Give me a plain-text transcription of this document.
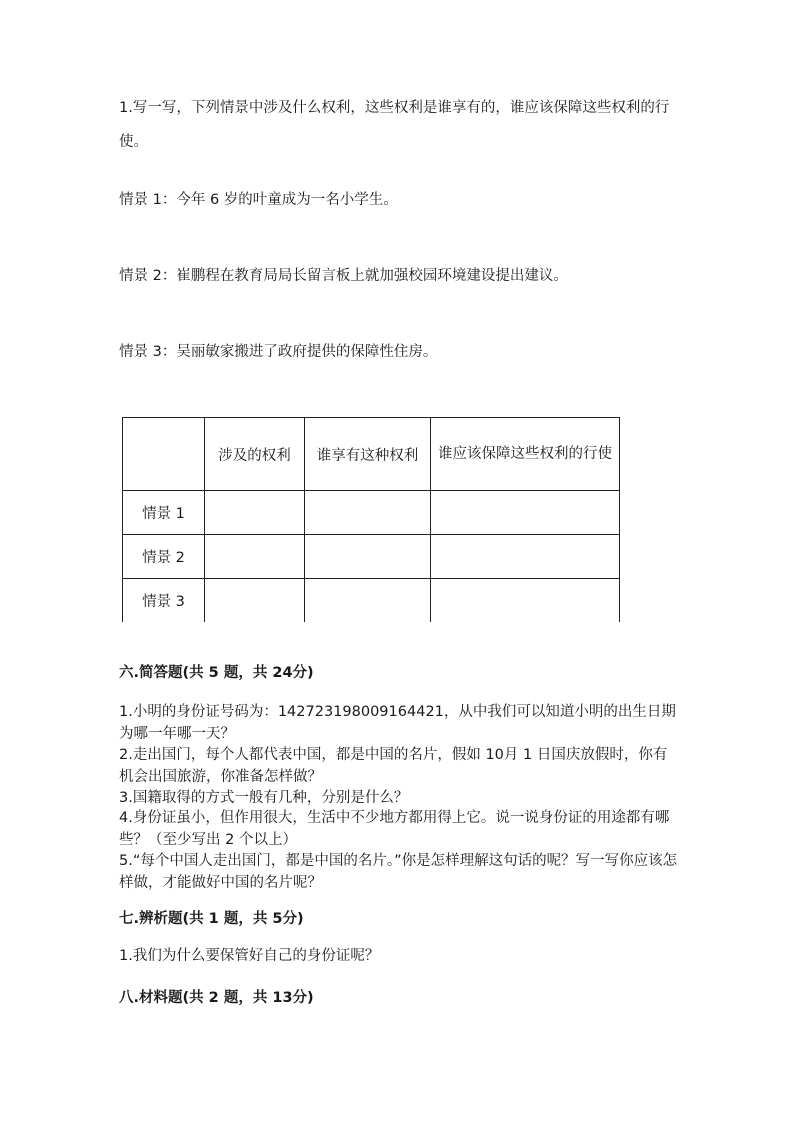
1.写一写，下列情景中涉及什么权利，这些权利是谁享有的，谁应该保障这些权利的行使。
情景 1：今年 6 岁的叶童成为一名小学生。
情景 2：崔鹏程在教育局局长留言板上就加强校园环境建设提出建议。
情景 3：吴丽敏家搬进了政府提供的保障性住房。
	涉及的权利	谁享有这种权利	谁应该保障这些权利的行使

情景 1			
情景 2			
情景 3			
六.简答题(共 5 题，共 24分)
1.小明的身份证号码为：142723198009164421，从中我们可以知道小明的出生日期为哪一年哪一天？
2.走出国门，每个人都代表中国，都是中国的名片，假如 10月 1 日国庆放假时，你有机会出国旅游，你准备怎样做？
3.国籍取得的方式一般有几种，分别是什么？
4.身份证虽小，但作用很大，生活中不少地方都用得上它。说一说身份证的用途都有哪些？（至少写出 2 个以上）
5.“每个中国人走出国门，都是中国的名片。”你是怎样理解这句话的呢？写一写你应该怎样做，才能做好中国的名片呢？
七.辨析题(共 1 题，共 5分)
1.我们为什么要保管好自己的身份证呢？
八.材料题(共 2 题，共 13分)
